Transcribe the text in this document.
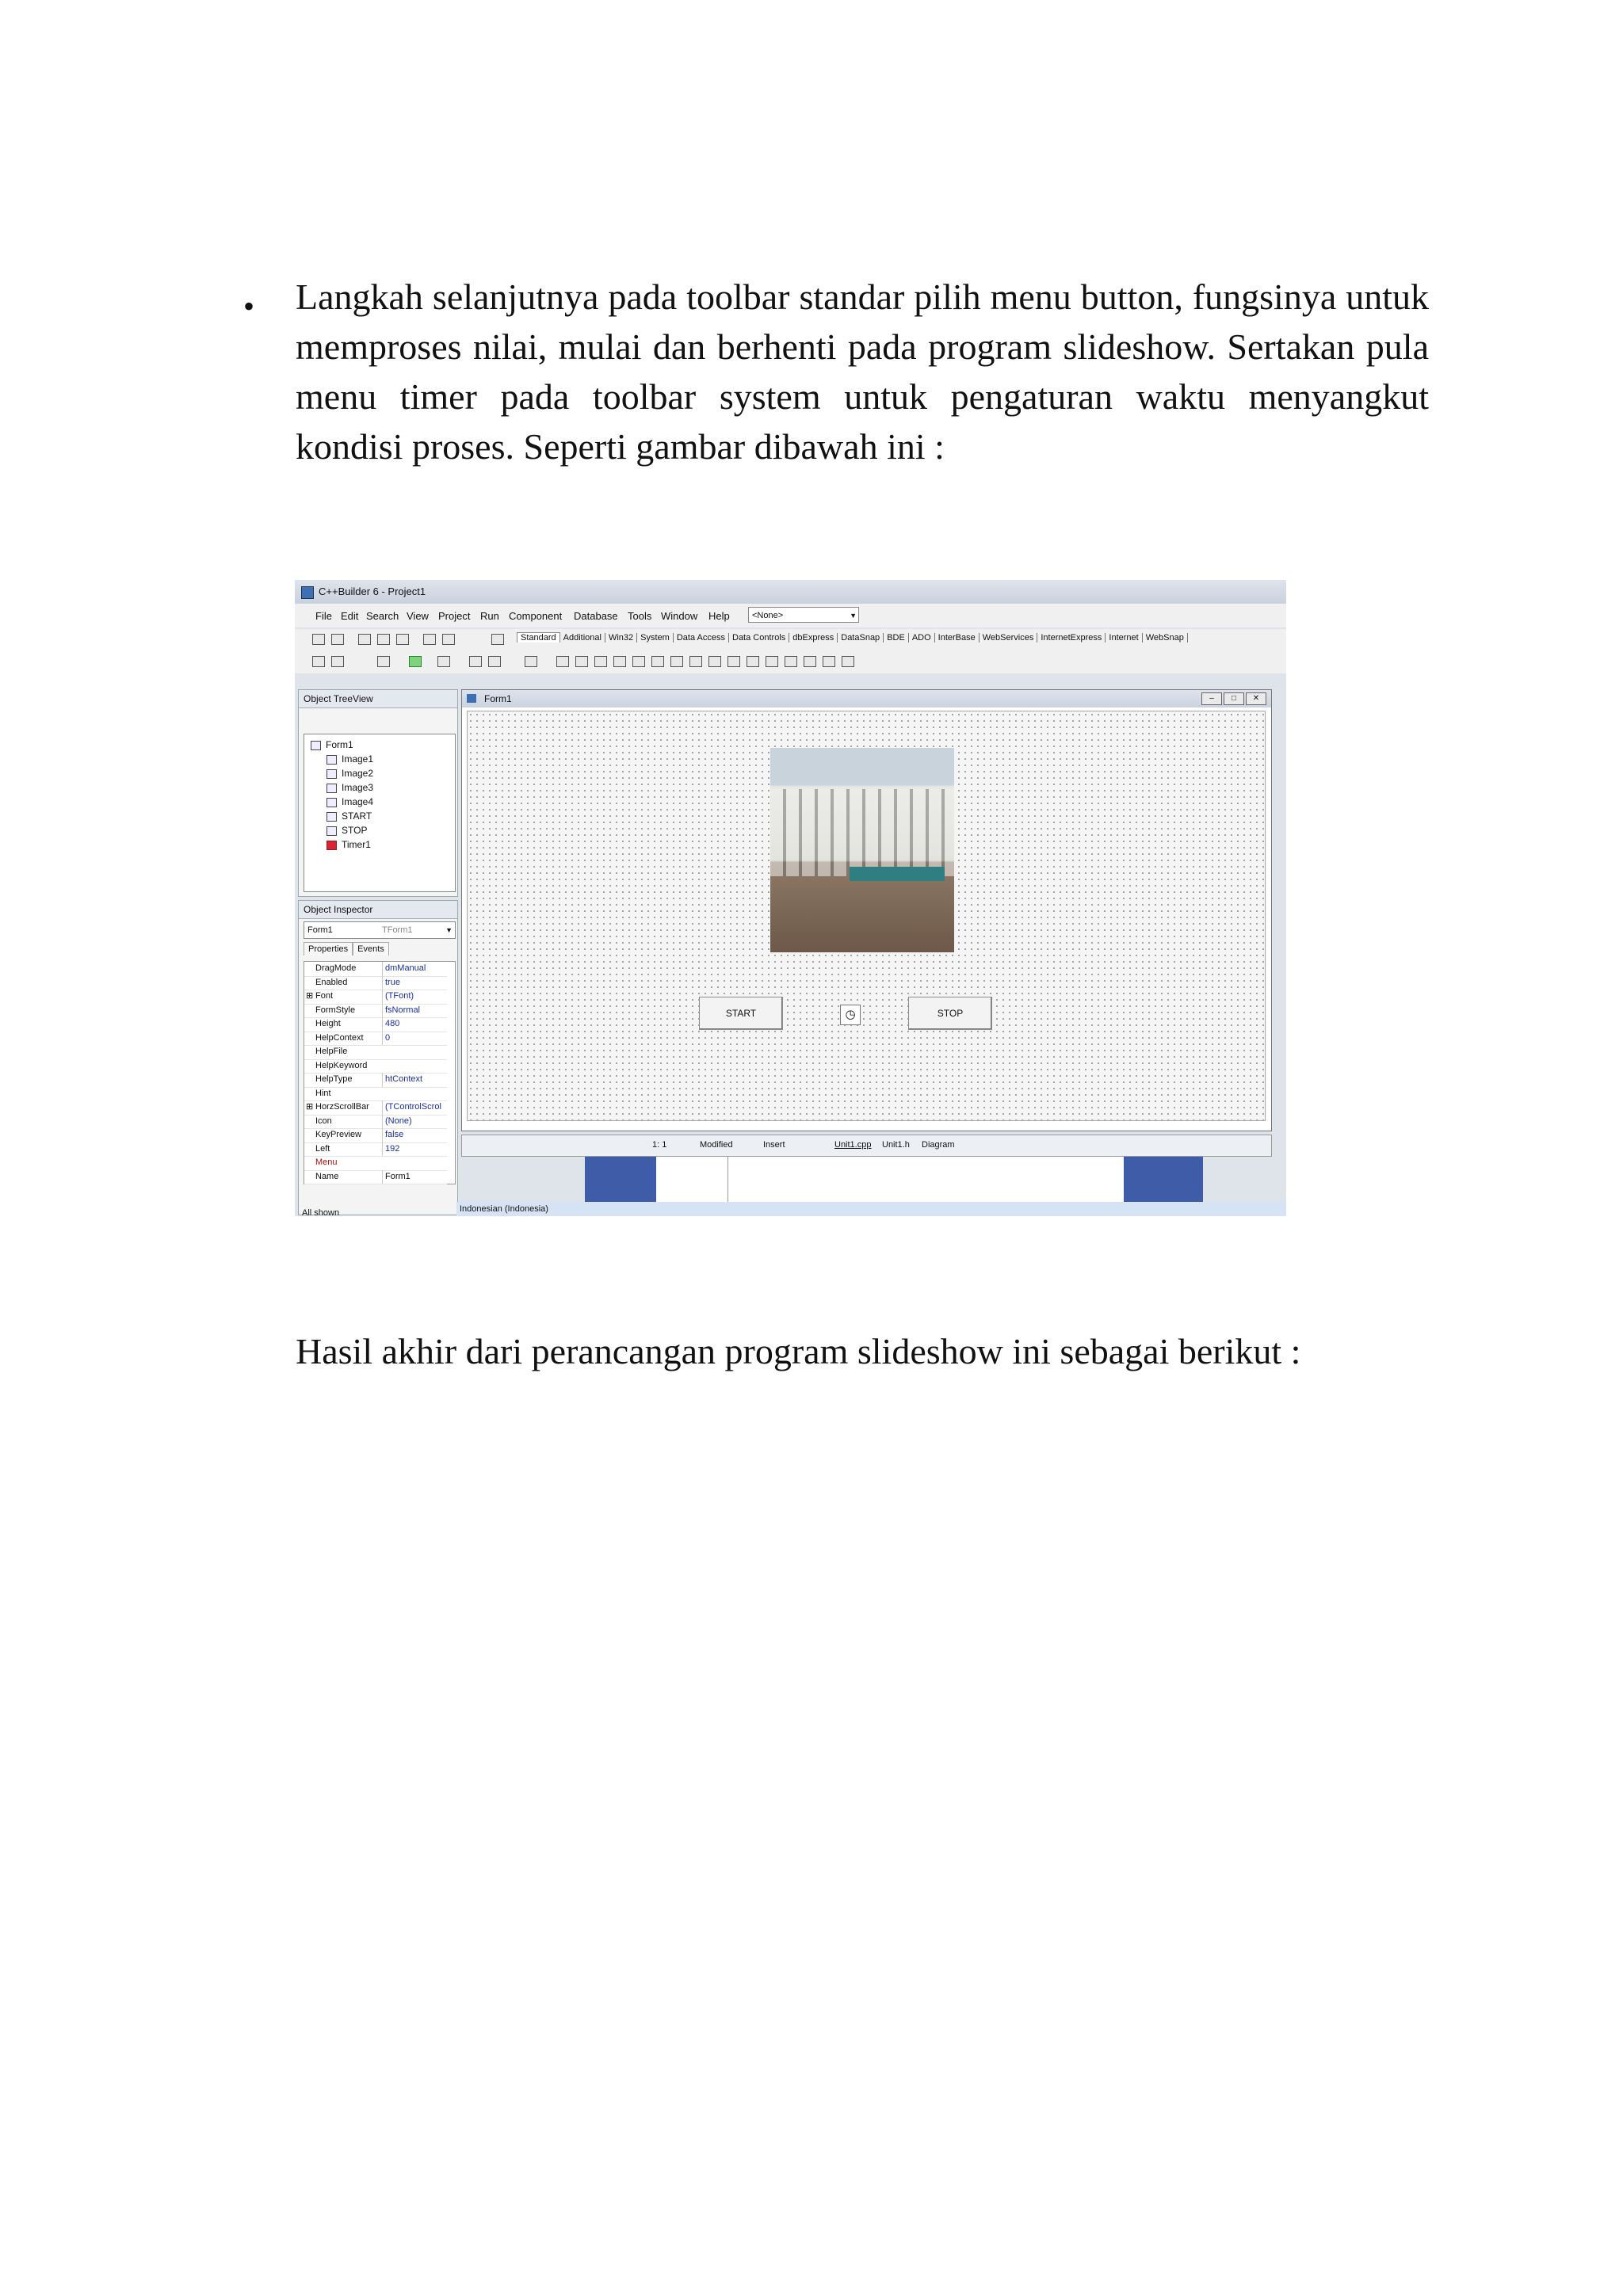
• Langkah selanjutnya pada toolbar standar pilih menu button, fungsinya untuk memproses nilai, mulai dan berhenti pada program slideshow. Sertakan pula menu timer pada toolbar system untuk pengaturan waktu menyangkut kondisi proses. Seperti gambar dibawah ini :
C++Builder 6 - Project1
File Edit Search View Project Run Component Database Tools Window Help	<None>	▼
Standard Additional Win32 System Data Access Data Controls dbExpress DataSnap BDE ADO InterBase WebServices InternetExpress Internet WebSnap
Object TreeView
Form1
Image1
Image2
Image3
Image4
START
STOP
Timer1
Object Inspector
Form1	TForm1	▼
Properties Events
DragMode	dmManual
Enabled	true
⊞ Font	(TFont)
FormStyle	fsNormal
Height	480
HelpContext	0
HelpFile
HelpKeyword
HelpType	htContext
Hint
⊞ HorzScrollBar	(TControlScrol
Icon	(None)
KeyPreview	false
Left	192
Menu
Name	Form1
All shown
Form1	–	□	✕
START	◷	STOP
1: 1	Modified	Insert	Unit1.cpp Unit1.h Diagram
Indonesian (Indonesia)
Hasil akhir dari perancangan program slideshow ini sebagai berikut :
